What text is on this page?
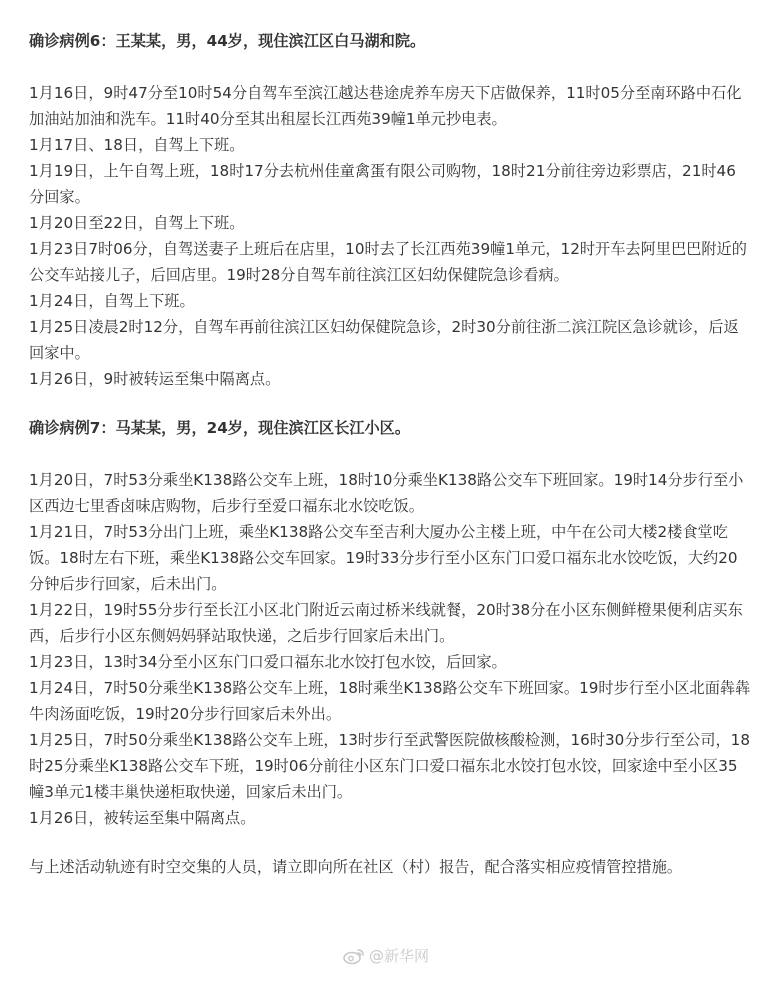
确诊病例6：王某某，男，44岁，现住滨江区白马湖和院。

1月16日，9时47分至10时54分自驾车至滨江越达巷途虎养车房天下店做保养，11时05分至南环路中石化加油站加油和洗车。11时40分至其出租屋长江西苑39幢1单元抄电表。

1月17日、18日，自驾上下班。

1月19日，上午自驾上班，18时17分去杭州佳童禽蛋有限公司购物，18时21分前往旁边彩票店，21时46分回家。

1月20日至22日，自驾上下班。

1月23日7时06分，自驾送妻子上班后在店里，10时去了长江西苑39幢1单元，12时开车去阿里巴巴附近的公交车站接儿子，后回店里。19时28分自驾车前往滨江区妇幼保健院急诊看病。

1月24日，自驾上下班。

1月25日凌晨2时12分，自驾车再前往滨江区妇幼保健院急诊，2时30分前往浙二滨江院区急诊就诊，后返回家中。

1月26日，9时被转运至集中隔离点。

确诊病例7：马某某，男，24岁，现住滨江区长江小区。

1月20日，7时53分乘坐K138路公交车上班，18时10分乘坐K138路公交车下班回家。19时14分步行至小区西边七里香卤味店购物，后步行至爱口福东北水饺吃饭。

1月21日，7时53分出门上班，乘坐K138路公交车至吉利大厦办公主楼上班，中午在公司大楼2楼食堂吃饭。18时左右下班，乘坐K138路公交车回家。19时33分步行至小区东门口爱口福东北水饺吃饭，大约20分钟后步行回家，后未出门。

1月22日，19时55分步行至长江小区北门附近云南过桥米线就餐，20时38分在小区东侧鲜橙果便利店买东西，后步行小区东侧妈妈驿站取快递，之后步行回家后未出门。

1月23日，13时34分至小区东门口爱口福东北水饺打包水饺，后回家。

1月24日，7时50分乘坐K138路公交车上班，18时乘坐K138路公交车下班回家。19时步行至小区北面犇犇牛肉汤面吃饭，19时20分步行回家后未外出。

1月25日，7时50分乘坐K138路公交车上班，13时步行至武警医院做核酸检测，16时30分步行至公司，18时25分乘坐K138路公交车下班，19时06分前往小区东门口爱口福东北水饺打包水饺，回家途中至小区35幢3单元1楼丰巢快递柜取快递，回家后未出门。

1月26日，被转运至集中隔离点。

与上述活动轨迹有时空交集的人员，请立即向所在社区（村）报告，配合落实相应疫情管控措施。

@新华网
